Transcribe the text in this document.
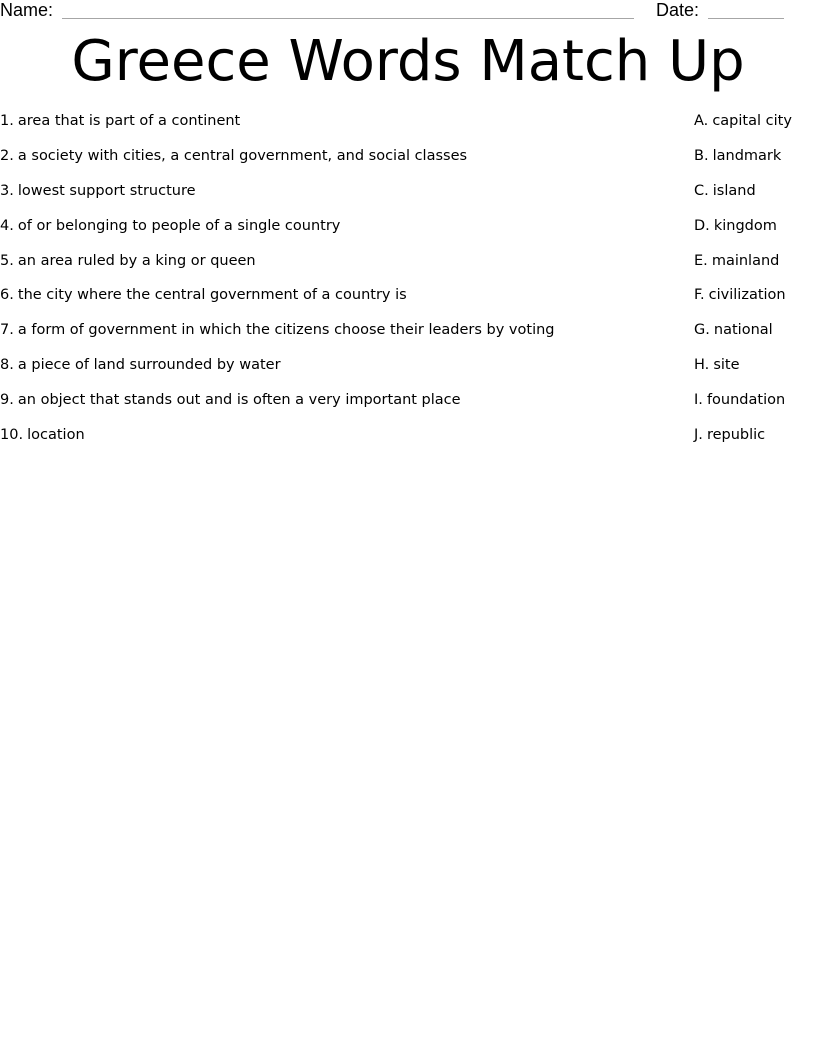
Name:	Date:
Greece Words Match Up
1. area that is part of a continent
2. a society with cities, a central government, and social classes
3. lowest support structure
4. of or belonging to people of a single country
5. an area ruled by a king or queen
6. the city where the central government of a country is
7. a form of government in which the citizens choose their leaders by voting
8. a piece of land surrounded by water
9. an object that stands out and is often a very important place
10. location
A. capital city
B. landmark
C. island
D. kingdom
E. mainland
F. civilization
G. national
H. site
I. foundation
J. republic
